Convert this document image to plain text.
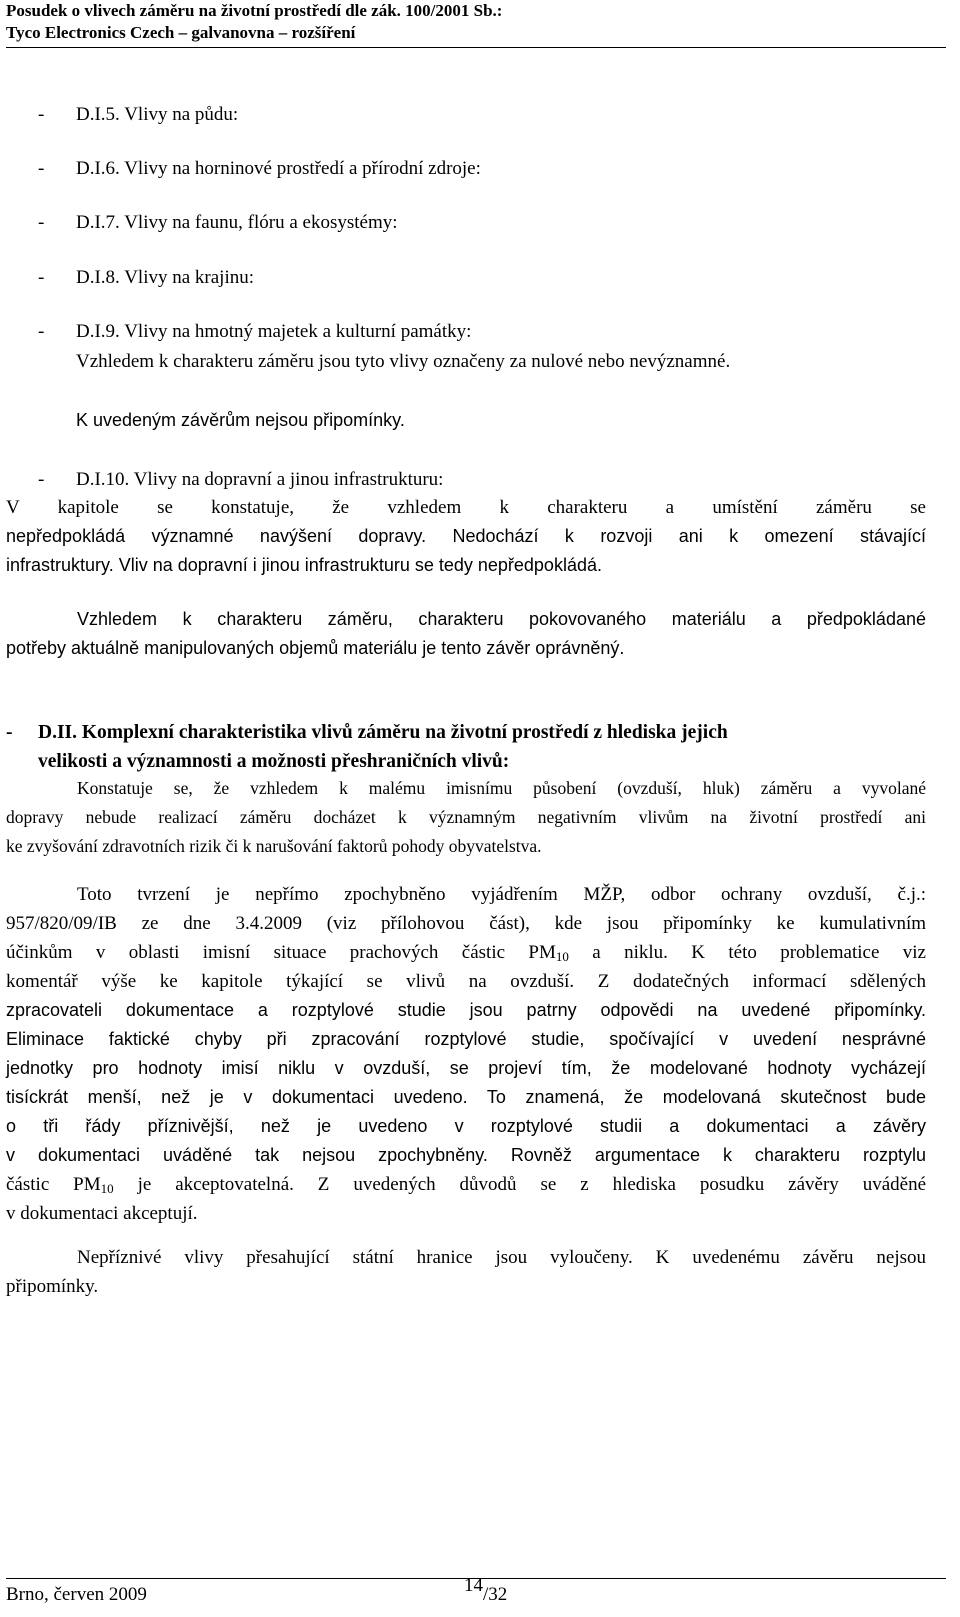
Posudek o vlivech záměru na životní prostředí dle zák. 100/2001 Sb.:
Tyco Electronics Czech – galvanovna – rozšíření
- D.I.5. Vlivy na půdu:
- D.I.6. Vlivy na horninové prostředí a přírodní zdroje:
- D.I.7. Vlivy na faunu, flóru a ekosystémy:
- D.I.8. Vlivy na krajinu:
- D.I.9. Vlivy na hmotný majetek a kulturní památky:
Vzhledem k charakteru záměru jsou tyto vlivy označeny za nulové nebo nevýznamné.
K uvedeným závěrům nejsou připomínky.
- D.I.10. Vlivy na dopravní a jinou infrastrukturu:
V kapitole se konstatuje, že vzhledem k charakteru a umístění záměru se
nepředpokládá významné navýšení dopravy. Nedochází k rozvoji ani k omezení stávající
infrastruktury. Vliv na dopravní i jinou infrastrukturu se tedy nepředpokládá.
Vzhledem k charakteru záměru, charakteru pokovovaného materiálu a předpokládané
potřeby aktuálně manipulovaných objemů materiálu je tento závěr oprávněný.
- D.II. Komplexní charakteristika vlivů záměru na životní prostředí z hlediska jejich
velikosti a významnosti a možnosti přeshraničních vlivů:
Konstatuje se, že vzhledem k malému imisnímu působení (ovzduší, hluk) záměru a vyvolané
dopravy nebude realizací záměru docházet k významným negativním vlivům na životní prostředí ani
ke zvyšování zdravotních rizik či k narušování faktorů pohody obyvatelstva.
Toto tvrzení je nepřímo zpochybněno vyjádřením MŽP, odbor ochrany ovzduší, č.j.:
957/820/09/IB ze dne 3.4.2009 (viz přílohovou část), kde jsou připomínky ke kumulativním
účinkům v oblasti imisní situace prachových částic $PM_{10}$ a niklu. K této problematice viz
komentář výše ke kapitole týkající se vlivů na ovzduší. Z dodatečných informací sdělených
zpracovateli dokumentace a rozptylové studie jsou patrny odpovědi na uvedené připomínky.
Eliminace faktické chyby při zpracování rozptylové studie, spočívající v uvedení nesprávné
jednotky pro hodnoty imisí niklu v ovzduší, se projeví tím, že modelované hodnoty vycházejí
tisíckrát menší, než je v dokumentaci uvedeno. To znamená, že modelovaná skutečnost bude
o tři řády příznivější, než je uvedeno v rozptylové studii a dokumentaci a závěry
v dokumentaci uváděné tak nejsou zpochybněny. Rovněž argumentace k charakteru rozptylu
částic $PM_{10}$ je akceptovatelná. Z uvedených důvodů se z hlediska posudku závěry uváděné
v dokumentaci akceptují.
Nepříznivé vlivy přesahující státní hranice jsou vyloučeny. K uvedenému závěru nejsou
připomínky.
Brno, červen 2009	14/32
